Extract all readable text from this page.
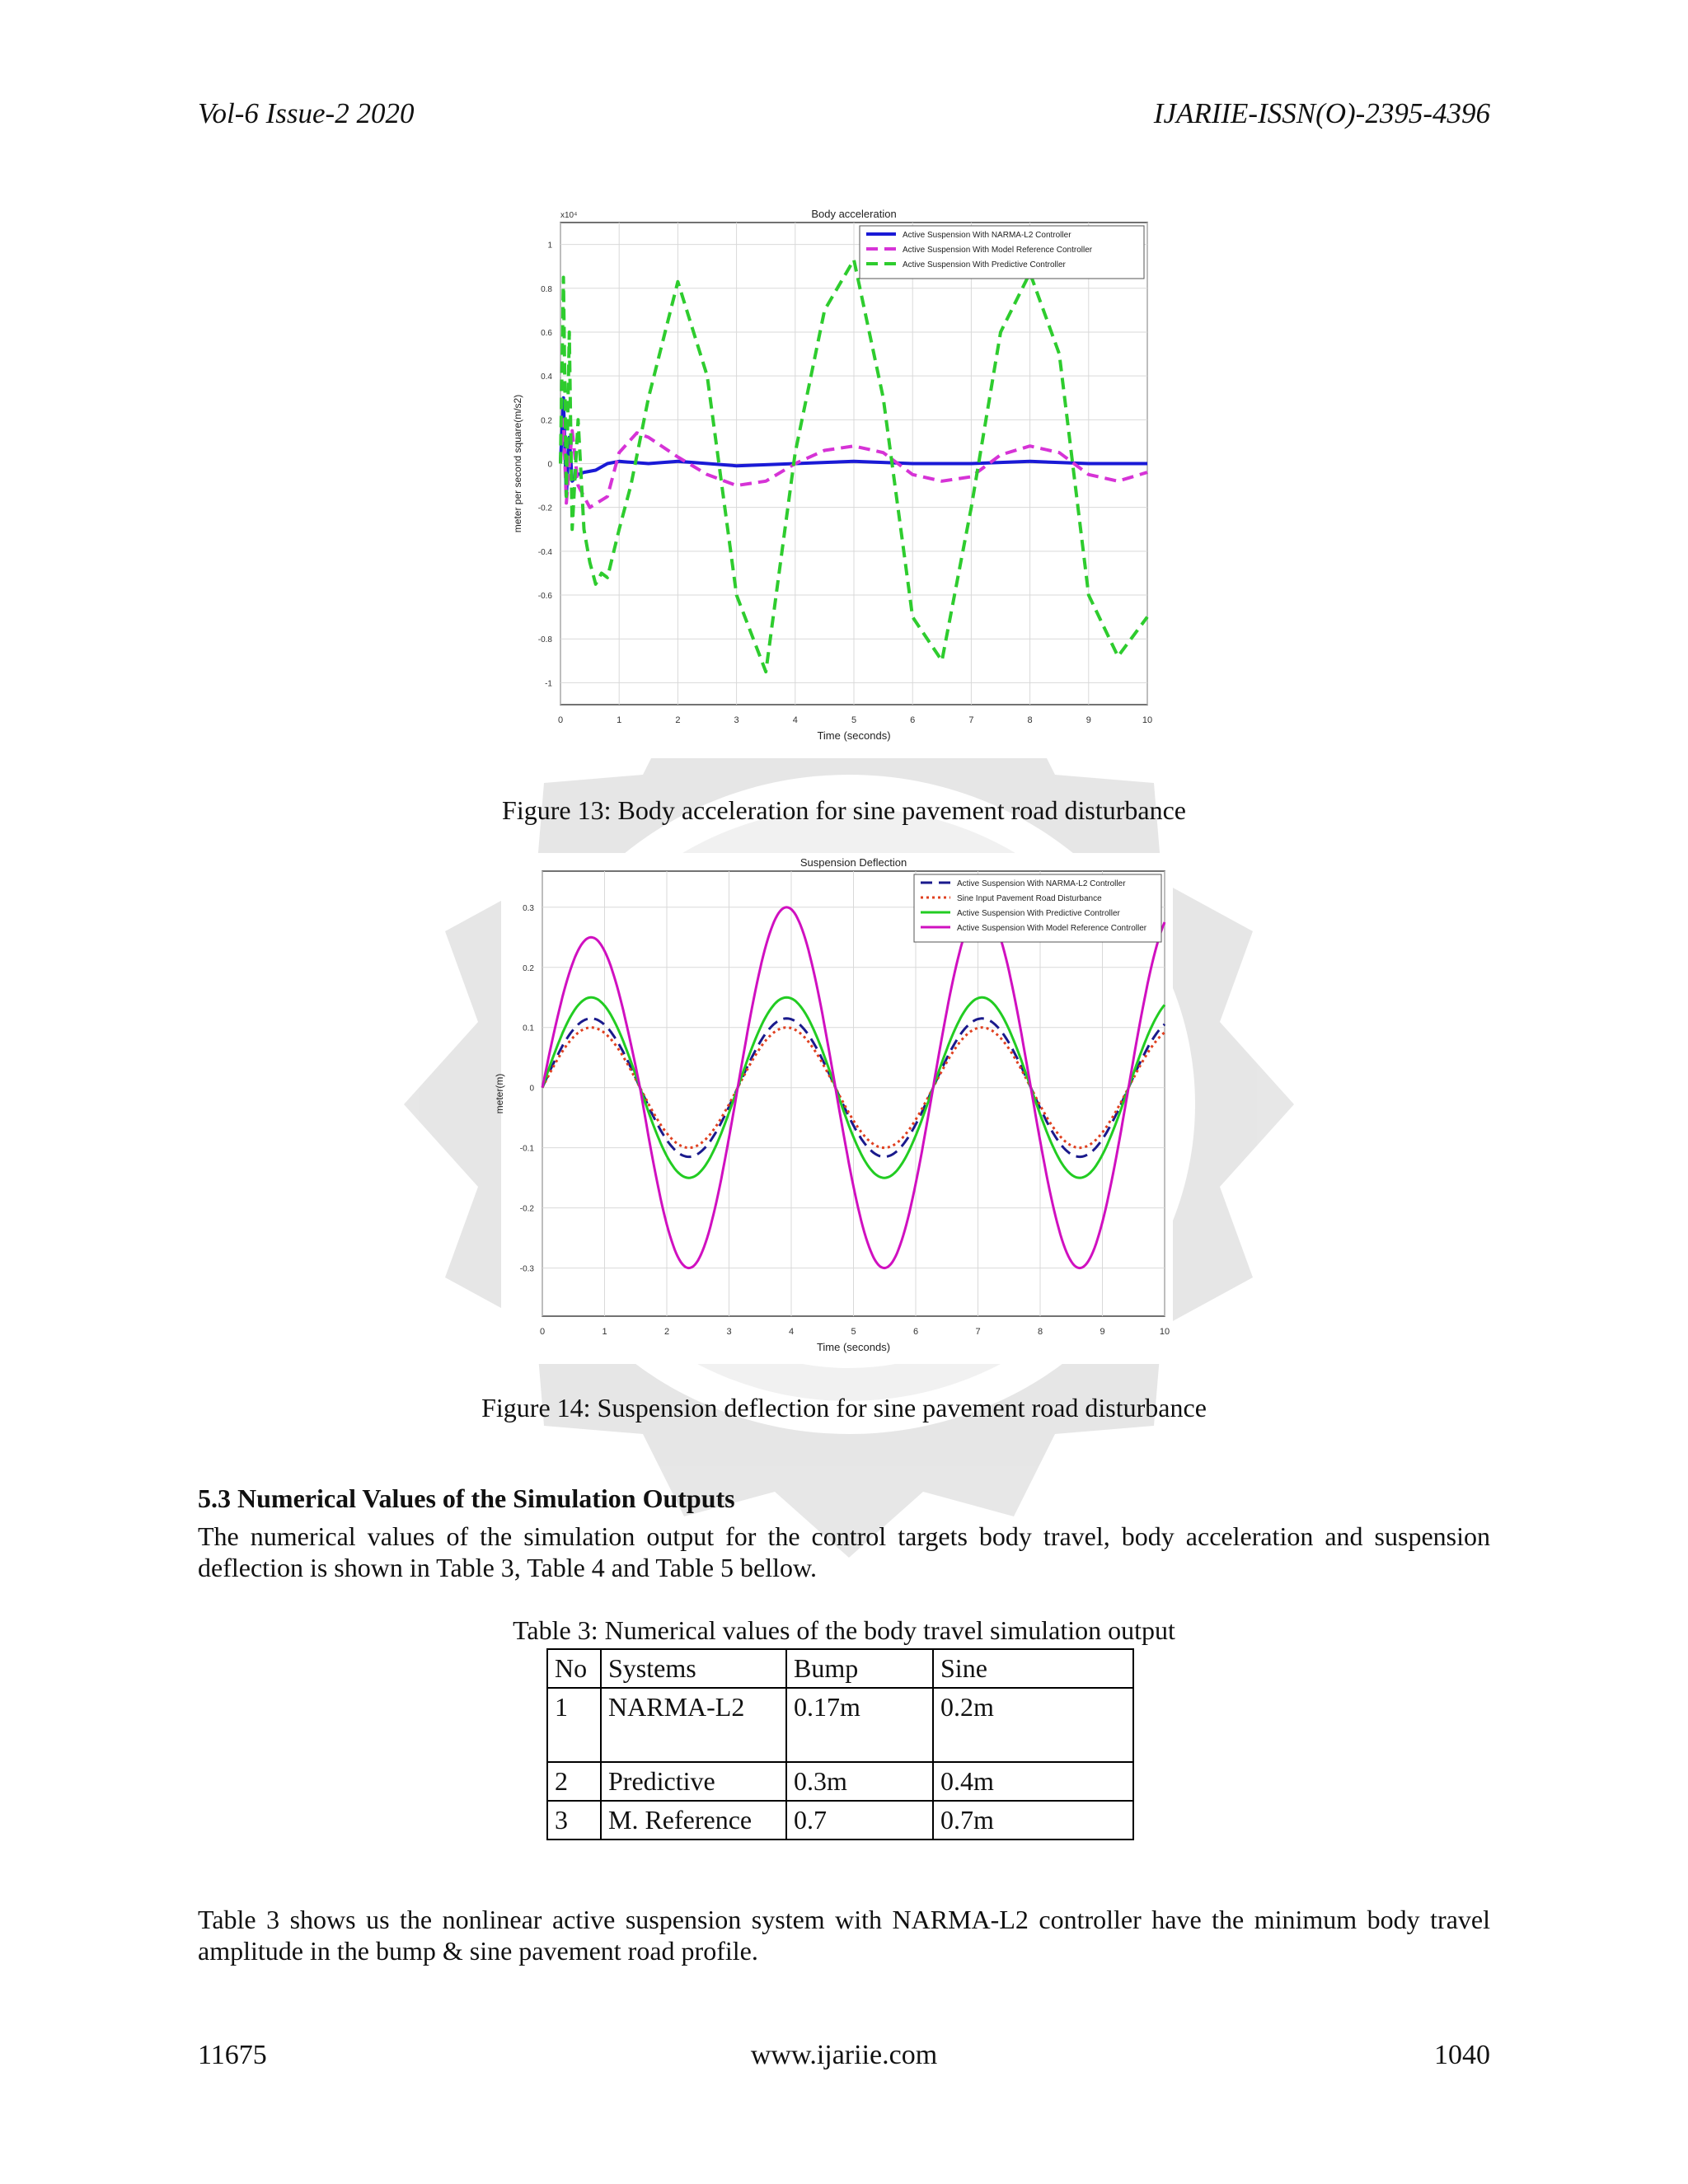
Vol-6 Issue-2 2020	IJARIIE-ISSN(O)-2395-4396
0	1	2	3	4	5	6	7	8	9	10
-1
-0.8
-0.6
-0.4
-0.2
0
0.2
0.4
0.6
0.8
1
Body acceleration
Time (seconds)
meter per second square(m/s2)
x10⁴
Active Suspension With NARMA-L2 Controller
Active Suspension With Model Reference Controller
Active Suspension With Predictive Controller
Figure 13: Body acceleration for sine pavement road disturbance
0	1	2	3	4	5	6	7	8	9	10
-0.3
-0.2
-0.1
0
0.1
0.2
0.3
Suspension Deflection
Time (seconds)
meter(m)
Active Suspension With NARMA-L2 Controller
Sine Input Pavement Road Disturbance
Active Suspension With Predictive Controller
Active Suspension With Model Reference Controller
Figure 14: Suspension deflection for sine pavement road disturbance
5.3 Numerical Values of the Simulation Outputs
The numerical values of the simulation output for the control targets body travel, body acceleration and suspension deflection is shown in Table 3, Table 4 and Table 5 bellow.
Table 3: Numerical values of the body travel simulation output
No	Systems	Bump	Sine
1	NARMA-L2	0.17m	0.2m
2	Predictive	0.3m	0.4m
3	M. Reference	0.7	0.7m
Table 3 shows us the nonlinear active suspension system with NARMA-L2 controller have the minimum body travel amplitude in the bump & sine pavement road profile.
11675	www.ijariie.com	1040
